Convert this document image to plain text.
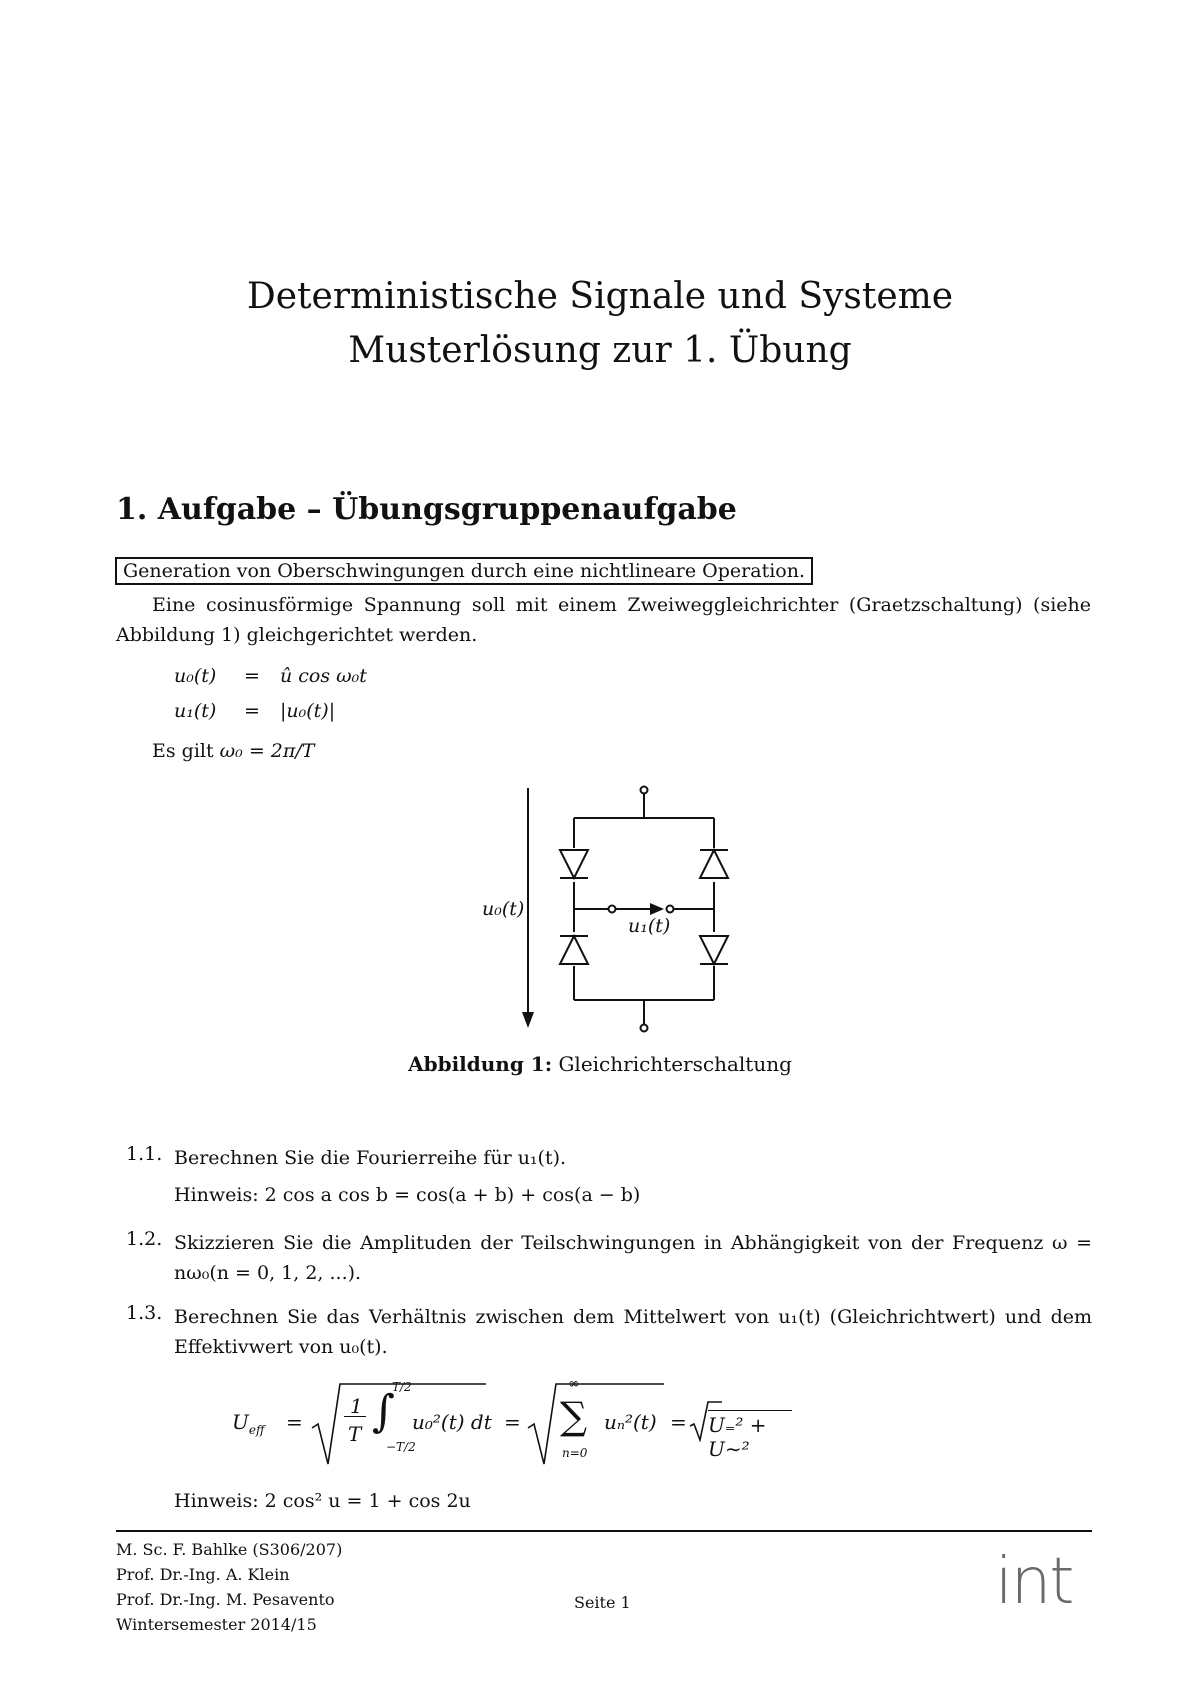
Deterministische Signale und Systeme
Musterlösung zur 1. Übung
1. Aufgabe – Übungsgruppenaufgabe
Generation von Oberschwingungen durch eine nichtlineare Operation.
Eine cosinusförmige Spannung soll mit einem Zweiweggleichrichter (Graetzschaltung) (siehe Abbildung 1) gleichgerichtet werden.
u₀(t) = û cos ω₀t
u₁(t) = |u₀(t)|
Es gilt ω₀ = 2π/T
u₀(t)
u₁(t)
Abbildung 1: Gleichrichterschaltung
1.1. Berechnen Sie die Fourierreihe für u₁(t).
Hinweis: 2 cos a cos b = cos(a + b) + cos(a − b)
1.2. Skizzieren Sie die Amplituden der Teilschwingungen in Abhängigkeit von der Frequenz ω = nω₀(n = 0, 1, 2, ...).
1.3. Berechnen Sie das Verhältnis zwischen dem Mittelwert von u₁(t) (Gleichrichtwert) und dem Effektivwert von u₀(t).
$U_{eff}$ =
1
T ∫
T/2
−T/2
u₀²(t) dt = ∑
∞
n=0
uₙ²(t) = U₌² + U∼²
Hinweis: 2 cos² u = 1 + cos 2u
M. Sc. F. Bahlke (S306/207)
Prof. Dr.-Ing. A. Klein
Prof. Dr.-Ing. M. Pesavento
Wintersemester 2014/15
Seite 1	int
